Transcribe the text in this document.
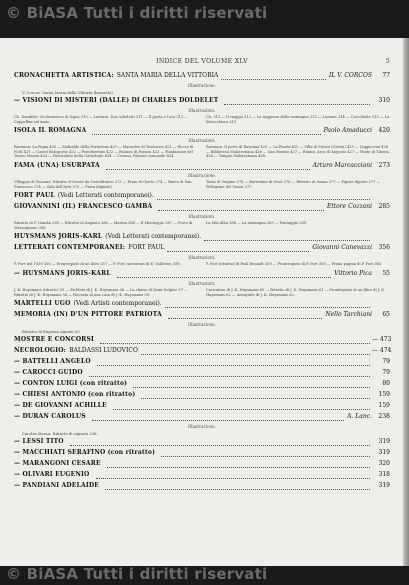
© BiASA Tutti i diritti riservati
INDICE DEL VOLUME XLV	5
CRONACHETTA ARTISTICA: SANTA MARIA DELLA VITTORIA	IL V. CORCOS	77
Illustrazione.
V. Corcos: Santa Maria della Vittoria (bozzetto).
— VISIONI DI MISTERI (DALLE) DI CHARLES DOLDELET	310
Illustrazioni.
Ch. Doudelet: Ecclesiastico di legno 310 — Lorenzo. Due scheletri 311 — Il poeta e l'ora 312 — Cappellini sul mare
Ch. 313 — Il viaggio 312 — La saggezza della montagna 313 — Lazzaro 314 — Crocchette 315 — La fattucchiera 315.
ISOLA IL ROMAGNA	Paolo Amaducci	420
Illustrazioni.
Ravenna: La Pigna 420 — Sinibaldo della Portuense 420 — Mausoleo di Teodorico 421 — Rocca di Forlì 421 — Castel Bolognese 422 — Pontebertino 422 — Palazzo di Faenza 423 — Fondazione del Teatro Masini 423 — Particolare della Cattedrale 424 — Cesena, Palazzo comunale 424.
Ravenna: Il porto di Ravenna 425 — La Pineta 425 — Villa di Mezzo (Cervia) 425 — Cappuccini 426 — Biblioteca Malatestiana 426 — San Marino 427 — Rimini, Arco di Augusto 427 — Ponte di Tiberio 428 — Tempio Malatestiano 428.
FAMA (UNA) USURPATA	Arturo Marcacciani	273
Illustrazione.
Villaggio di Toscana: Ritratto d'Oreste da Castelfranco 273 — Prato di Giotto 274 — Barca di San Francesco 274 — Sala dell'Arte 275 — Fiera (dipinto).
Testa di Vergine 276 — Battesimo di Gesù 276 — Ritratto di donna 277 — Figure dipinte 277 — Pellegrino del Vasari 277.
FORT PAUL (Vedi Letterati contemporanei).
GIOVANNINI (IL) FRANCESCO GAMBA	Ettore Cozzani	285
Illustrazioni.
Ritratto di F. Gamba 285 — Ritratto di Augusto 286 — Marina 286 — Il Monteggio 287 — Prato di Mezzogiorno 288.
La Mia Alba 288 — La montagna 289 — Paesaggio 289.
HUYSMANS JORIS-KARL (Vedi Letterati contemporanei).
LETTERATI CONTEMPORANEI: FORT PAUL	Giovanni Canevazzi	356
Illustrazioni.
P. Fort nel 1918 356 — Frontespizio di un libro 357 — P. Fort caricatura di E. Vallotton 358.	P. Fort (ritratto) di Paul Rouault 359 — Frontespizio di P. Fort 359 — Prima pagina di P. Fort 360.
— HUYSMANS JORIS-KARL	Vittorio Pica	55
Illustrazioni.
J. K. Huysmans (ritratto) 55 — Ex-libris di J. K. Huysmans 56 — La chiesa di Saint-Sulpice 57 — Ritratto di J. K. Huysmans 58 — Facciata di una casa di J. K. Huysmans 59.
Caricatura di J. K. Huysmans 60 — Ritratto di J. K. Huysmans 61 — Frontespizio di un libro di J. K. Huysmans 62 — Autografo di J. K. Huysmans 63.
MARTELLI UGO (Vedi Artisti contemporanei).
MEMORIA (IN) D'UN PITTORE PATRIOTA	Nello Tarchiani	65
Illustrazione.
Ritratto di Eugenio Agneni 65.
MOSTRE E CONCORSI	— 473
NECROLOGIO: BALDASSI LUDOVICO	— 474
— BATTELLI ANGELO	79
— CAROCCI GUIDO	79
— CONTON LUIGI (con ritratto)	80
— CHIESI ANTONIO (con ritratto)	159
— DE GIOVANNI ACHILLE	159
— DURAN CAROLUS	A. Lanc.	238
Illustrazione.
Carolus Duran: Ritratto di signora 238.
— LESSI TITO	319
— MACCHIATI SERAFINO (con ritratto)	319
— MARANGONI CESARE	320
— OLIVARI EUGENIO	318
— PANDIANI ADELAIDE	319
© BiASA Tutti i diritti riservati
